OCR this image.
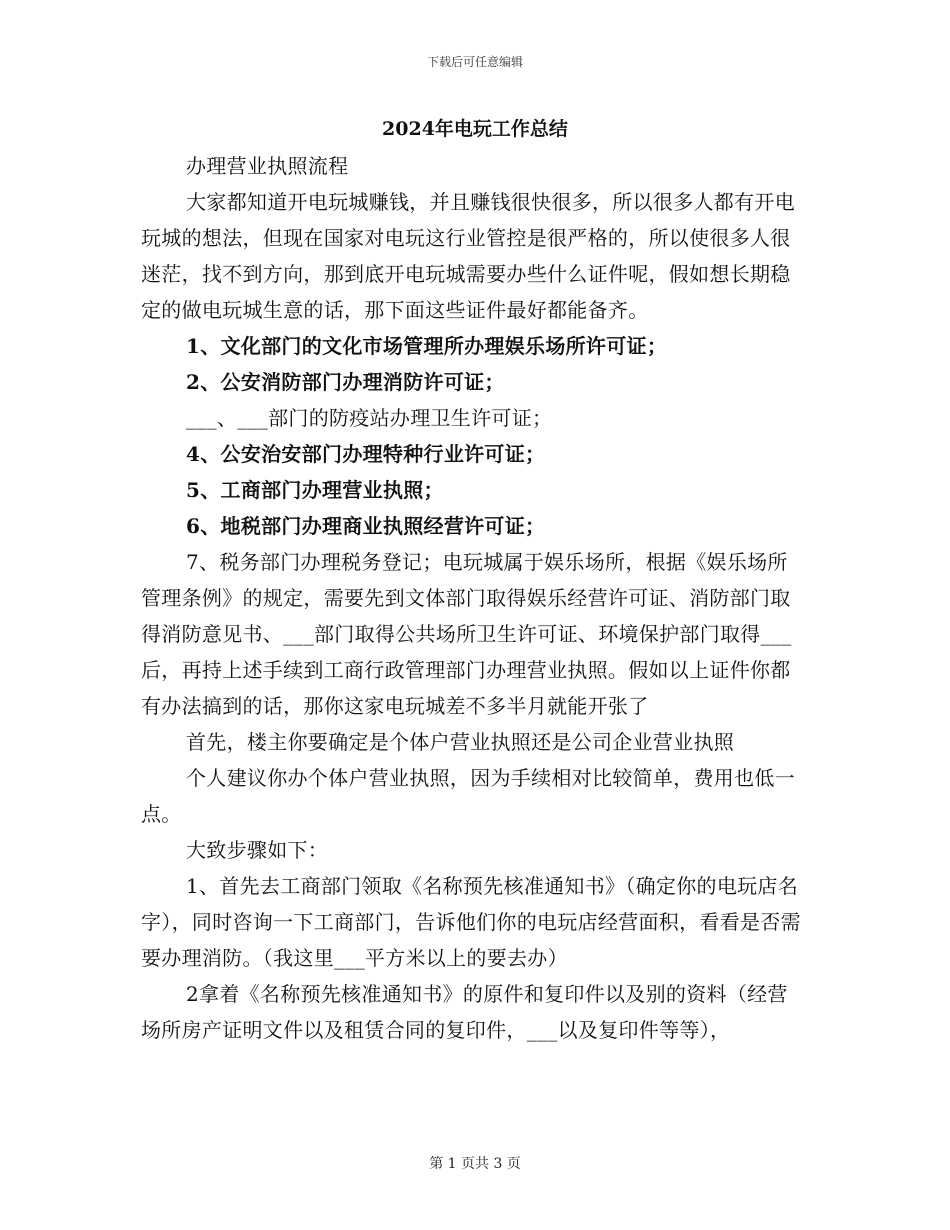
下载后可任意编辑
2024年电玩工作总结

办理营业执照流程

大家都知道开电玩城赚钱，并且赚钱很快很多，所以很多人都有开电玩城的想法，但现在国家对电玩这行业管控是很严格的，所以使很多人很迷茫，找不到方向，那到底开电玩城需要办些什么证件呢，假如想长期稳定的做电玩城生意的话，那下面这些证件最好都能备齐。

1、文化部门的文化市场管理所办理娱乐场所许可证；

2、公安消防部门办理消防许可证；

___、___部门的防疫站办理卫生许可证；

4、公安治安部门办理特种行业许可证；

5、工商部门办理营业执照；

6、地税部门办理商业执照经营许可证；

7、税务部门办理税务登记；电玩城属于娱乐场所，根据《娱乐场所管理条例》的规定，需要先到文体部门取得娱乐经营许可证、消防部门取得消防意见书、___部门取得公共场所卫生许可证、环境保护部门取得___后，再持上述手续到工商行政管理部门办理营业执照。假如以上证件你都有办法搞到的话，那你这家电玩城差不多半月就能开张了

首先，楼主你要确定是个体户营业执照还是公司企业营业执照

个人建议你办个体户营业执照，因为手续相对比较简单，费用也低一点。

大致步骤如下：

1、首先去工商部门领取《名称预先核准通知书》（确定你的电玩店名字），同时咨询一下工商部门，告诉他们你的电玩店经营面积，看看是否需要办理消防。（我这里___平方米以上的要去办）

2拿着《名称预先核准通知书》的原件和复印件以及别的资料（经营场所房产证明文件以及租赁合同的复印件，___以及复印件等等），

第 1 页共 3 页
